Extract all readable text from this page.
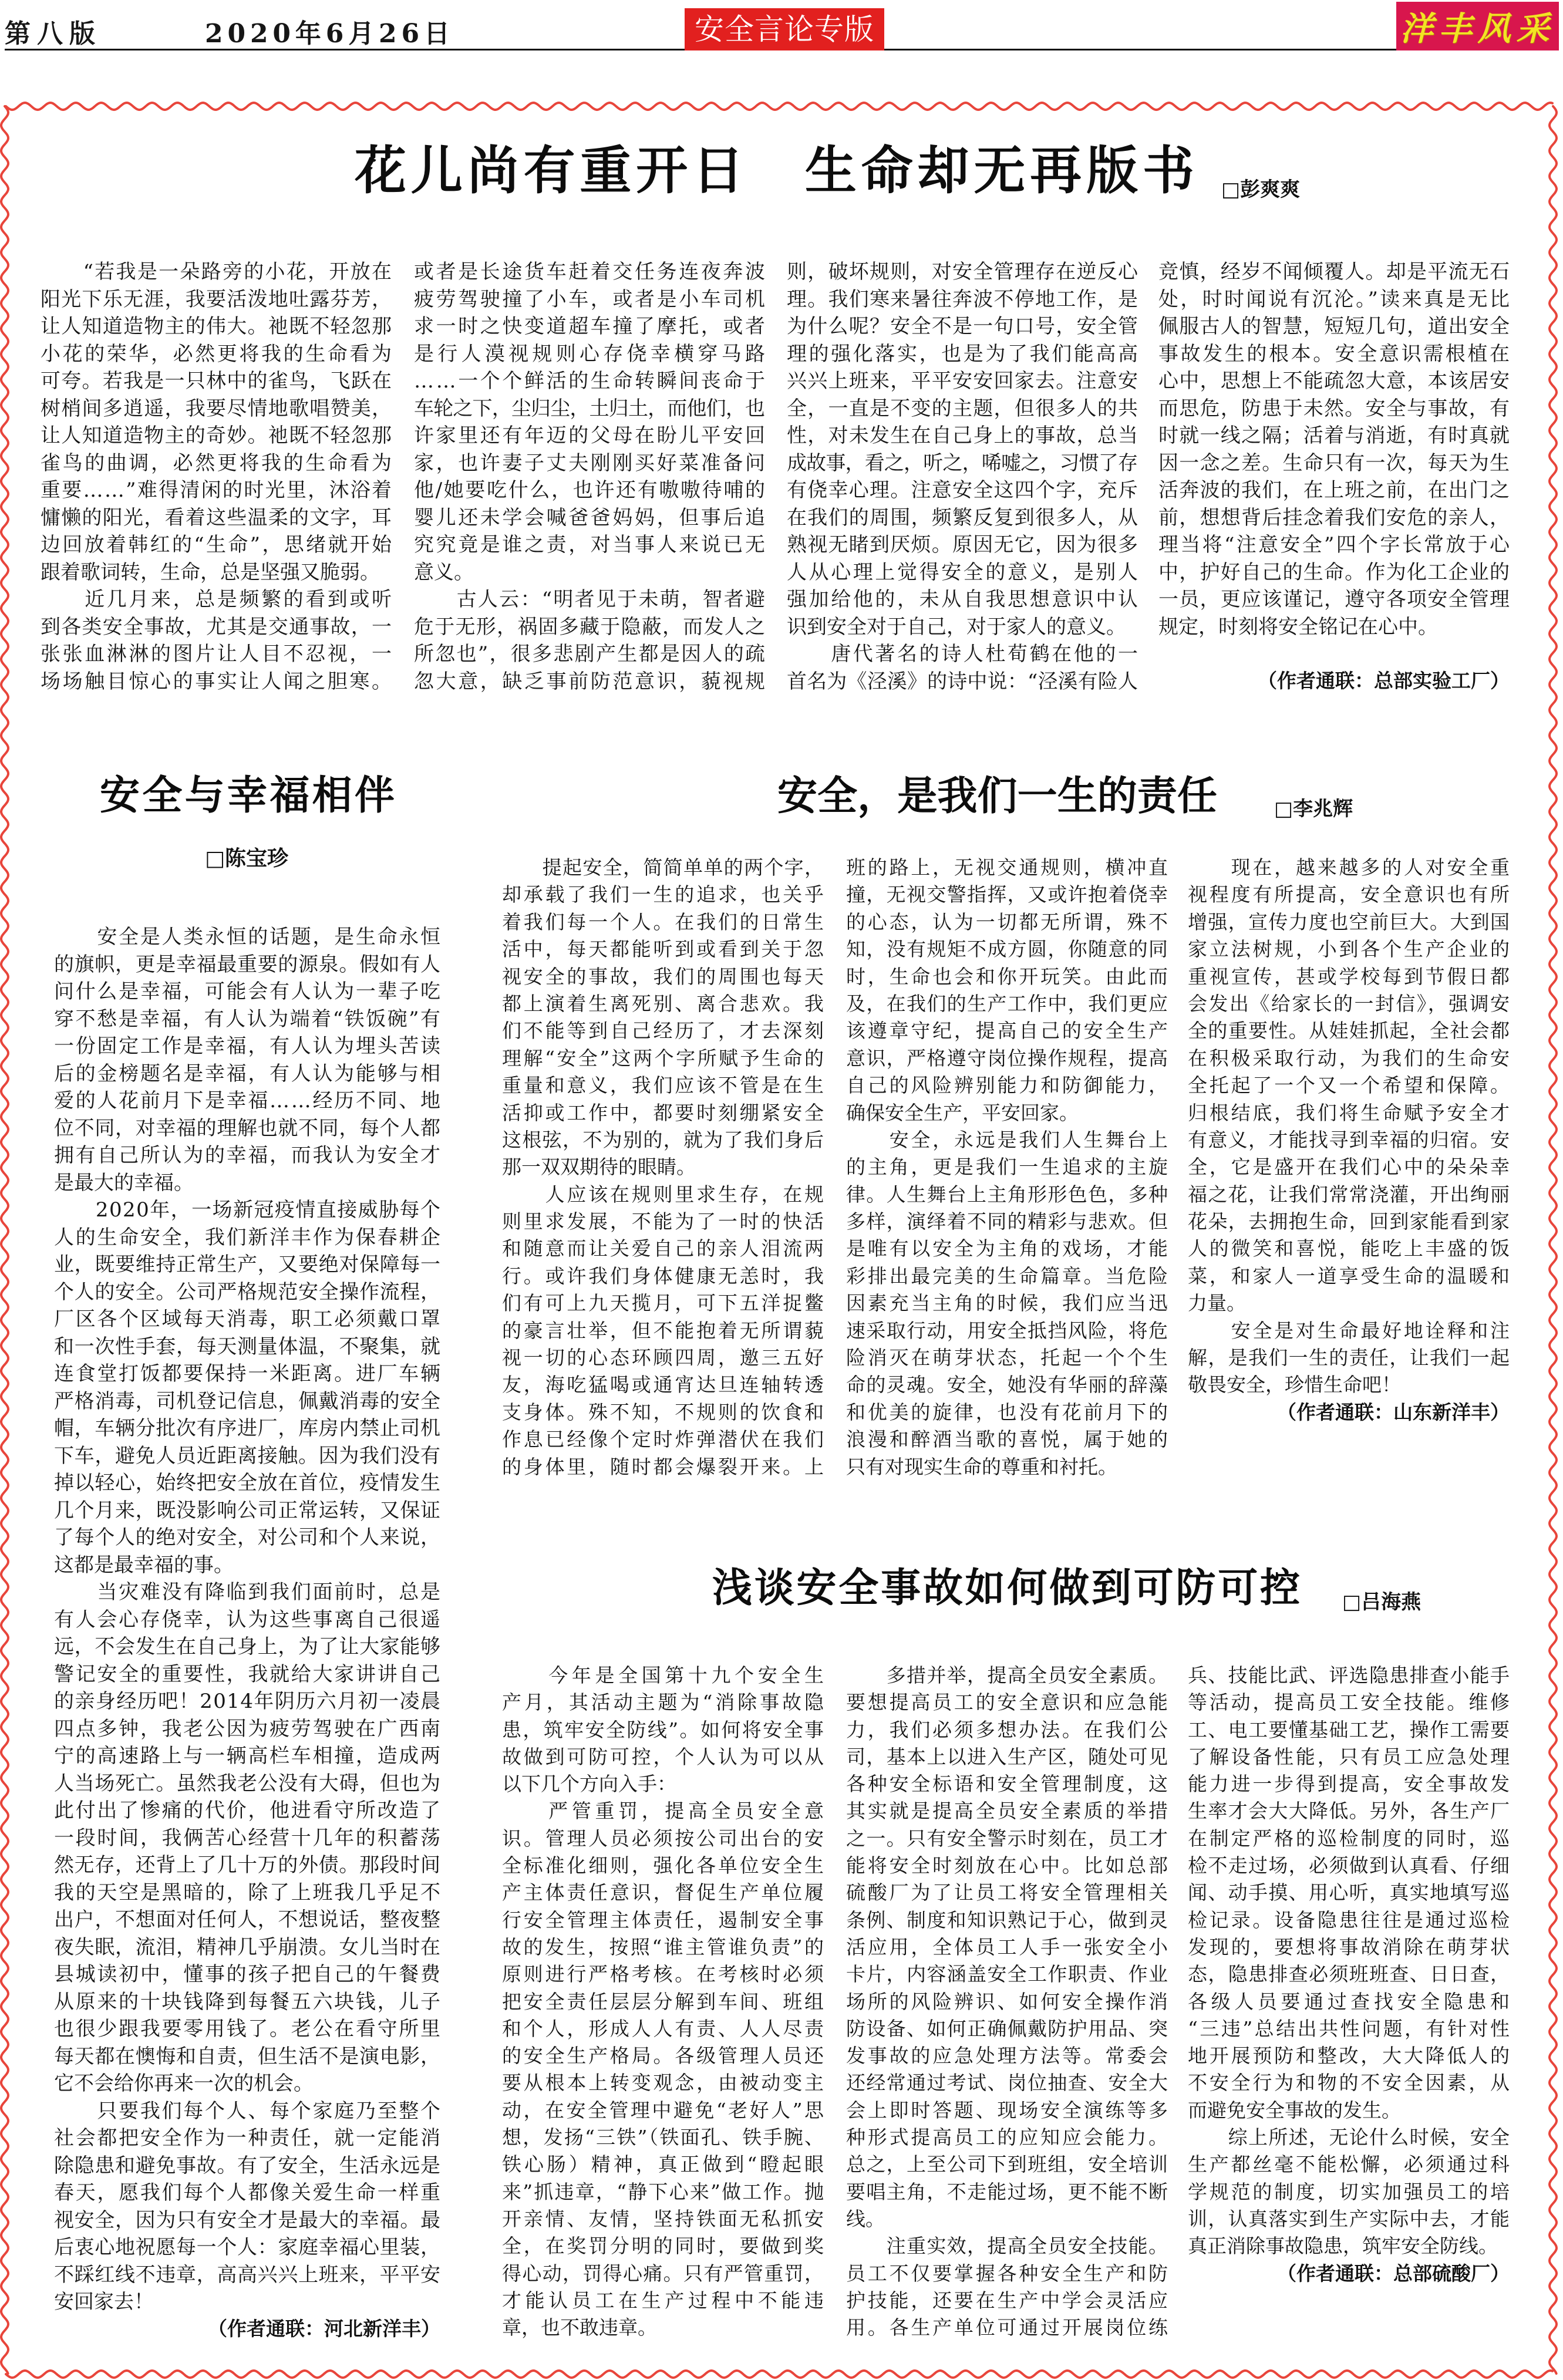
第八版	2020年6月26日	安全言论专版	洋丰风采
花儿尚有重开日　生命却无再版书 □彭爽爽
　　“若我是一朵路旁的小花，开放在
阳光下乐无涯，我要活泼地吐露芬芳，
让人知道造物主的伟大。祂既不轻忽那
小花的荣华，必然更将我的生命看为
可夸。若我是一只林中的雀鸟，飞跃在
树梢间多逍遥，我要尽情地歌唱赞美，
让人知道造物主的奇妙。祂既不轻忽那
雀鸟的曲调，必然更将我的生命看为
重要……”难得清闲的时光里，沐浴着
慵懒的阳光，看着这些温柔的文字，耳
边回放着韩红的“生命”，思绪就开始
跟着歌词转，生命，总是坚强又脆弱。
　　近几月来，总是频繁的看到或听
到各类安全事故，尤其是交通事故，一
张张血淋淋的图片让人目不忍视，一
场场触目惊心的事实让人闻之胆寒。
或者是长途货车赶着交任务连夜奔波
疲劳驾驶撞了小车，或者是小车司机
求一时之快变道超车撞了摩托，或者
是行人漠视规则心存侥幸横穿马路
……一个个鲜活的生命转瞬间丧命于
车轮之下，尘归尘，土归土，而他们，也
许家里还有年迈的父母在盼儿平安回
家，也许妻子丈夫刚刚买好菜准备问
他/她要吃什么，也许还有嗷嗷待哺的
婴儿还未学会喊爸爸妈妈，但事后追
究究竟是谁之责，对当事人来说已无
意义。
　　古人云：“明者见于未萌，智者避
危于无形，祸固多藏于隐蔽，而发人之
所忽也”，很多悲剧产生都是因人的疏
忽大意，缺乏事前防范意识，藐视规
则，破坏规则，对安全管理存在逆反心
理。我们寒来暑往奔波不停地工作，是
为什么呢？安全不是一句口号，安全管
理的强化落实，也是为了我们能高高
兴兴上班来，平平安安回家去。注意安
全，一直是不变的主题，但很多人的共
性，对未发生在自己身上的事故，总当
成故事，看之，听之，唏嘘之，习惯了存
有侥幸心理。注意安全这四个字，充斥
在我们的周围，频繁反复到很多人，从
熟视无睹到厌烦。原因无它，因为很多
人从心理上觉得安全的意义，是别人
强加给他的，未从自我思想意识中认
识到安全对于自己，对于家人的意义。
　　唐代著名的诗人杜荀鹤在他的一
首名为《泾溪》的诗中说：“泾溪有险人
竞慎，经岁不闻倾覆人。却是平流无石
处，时时闻说有沉沦。”读来真是无比
佩服古人的智慧，短短几句，道出安全
事故发生的根本。安全意识需根植在
心中，思想上不能疏忽大意，本该居安
而思危，防患于未然。安全与事故，有
时就一线之隔；活着与消逝，有时真就
因一念之差。生命只有一次，每天为生
活奔波的我们，在上班之前，在出门之
前，想想背后挂念着我们安危的亲人，
理当将“注意安全”四个字长常放于心
中，护好自己的生命。作为化工企业的
一员，更应该谨记，遵守各项安全管理
规定，时刻将安全铭记在心中。
（作者通联：总部实验工厂）
安全与幸福相伴
□陈宝珍
　　安全是人类永恒的话题，是生命永恒
的旗帜，更是幸福最重要的源泉。假如有人
问什么是幸福，可能会有人认为一辈子吃
穿不愁是幸福，有人认为端着“铁饭碗”有
一份固定工作是幸福，有人认为埋头苦读
后的金榜题名是幸福，有人认为能够与相
爱的人花前月下是幸福……经历不同、地
位不同，对幸福的理解也就不同，每个人都
拥有自己所认为的幸福，而我认为安全才
是最大的幸福。
　　2020年，一场新冠疫情直接威胁每个
人的生命安全，我们新洋丰作为保春耕企
业，既要维持正常生产，又要绝对保障每一
个人的安全。公司严格规范安全操作流程，
厂区各个区域每天消毒，职工必须戴口罩
和一次性手套，每天测量体温，不聚集，就
连食堂打饭都要保持一米距离。进厂车辆
严格消毒，司机登记信息，佩戴消毒的安全
帽，车辆分批次有序进厂，库房内禁止司机
下车，避免人员近距离接触。因为我们没有
掉以轻心，始终把安全放在首位，疫情发生
几个月来，既没影响公司正常运转，又保证
了每个人的绝对安全，对公司和个人来说，
这都是最幸福的事。
　　当灾难没有降临到我们面前时，总是
有人会心存侥幸，认为这些事离自己很遥
远，不会发生在自己身上，为了让大家能够
警记安全的重要性，我就给大家讲讲自己
的亲身经历吧！2014年阴历六月初一凌晨
四点多钟，我老公因为疲劳驾驶在广西南
宁的高速路上与一辆高栏车相撞，造成两
人当场死亡。虽然我老公没有大碍，但也为
此付出了惨痛的代价，他进看守所改造了
一段时间，我俩苦心经营十几年的积蓄荡
然无存，还背上了几十万的外债。那段时间
我的天空是黑暗的，除了上班我几乎足不
出户，不想面对任何人，不想说话，整夜整
夜失眠，流泪，精神几乎崩溃。女儿当时在
县城读初中，懂事的孩子把自己的午餐费
从原来的十块钱降到每餐五六块钱，儿子
也很少跟我要零用钱了。老公在看守所里
每天都在懊悔和自责，但生活不是演电影，
它不会给你再来一次的机会。
　　只要我们每个人、每个家庭乃至整个
社会都把安全作为一种责任，就一定能消
除隐患和避免事故。有了安全，生活永远是
春天，愿我们每个人都像关爱生命一样重
视安全，因为只有安全才是最大的幸福。最
后衷心地祝愿每一个人：家庭幸福心里装，
不踩红线不违章，高高兴兴上班来，平平安
安回家去！
（作者通联：河北新洋丰）
安全，是我们一生的责任	□李兆辉
　　提起安全，简简单单的两个字，
却承载了我们一生的追求，也关乎
着我们每一个人。在我们的日常生
活中，每天都能听到或看到关于忽
视安全的事故，我们的周围也每天
都上演着生离死别、离合悲欢。我
们不能等到自己经历了，才去深刻
理解“安全”这两个字所赋予生命的
重量和意义，我们应该不管是在生
活抑或工作中，都要时刻绷紧安全
这根弦，不为别的，就为了我们身后
那一双双期待的眼睛。
　　人应该在规则里求生存，在规
则里求发展，不能为了一时的快活
和随意而让关爱自己的亲人泪流两
行。或许我们身体健康无恙时，我
们有可上九天揽月，可下五洋捉鳖
的豪言壮举，但不能抱着无所谓藐
视一切的心态环顾四周，邀三五好
友，海吃猛喝或通宵达旦连轴转透
支身体。殊不知，不规则的饮食和
作息已经像个定时炸弹潜伏在我们
的身体里，随时都会爆裂开来。上
班的路上，无视交通规则，横冲直
撞，无视交警指挥，又或许抱着侥幸
的心态，认为一切都无所谓，殊不
知，没有规矩不成方圆，你随意的同
时，生命也会和你开玩笑。由此而
及，在我们的生产工作中，我们更应
该遵章守纪，提高自己的安全生产
意识，严格遵守岗位操作规程，提高
自己的风险辨别能力和防御能力，
确保安全生产，平安回家。
　　安全，永远是我们人生舞台上
的主角，更是我们一生追求的主旋
律。人生舞台上主角形形色色，多种
多样，演绎着不同的精彩与悲欢。但
是唯有以安全为主角的戏场，才能
彩排出最完美的生命篇章。当危险
因素充当主角的时候，我们应当迅
速采取行动，用安全抵挡风险，将危
险消灭在萌芽状态，托起一个个生
命的灵魂。安全，她没有华丽的辞藻
和优美的旋律，也没有花前月下的
浪漫和醉酒当歌的喜悦，属于她的
只有对现实生命的尊重和衬托。
　　现在，越来越多的人对安全重
视程度有所提高，安全意识也有所
增强，宣传力度也空前巨大。大到国
家立法树规，小到各个生产企业的
重视宣传，甚或学校每到节假日都
会发出《给家长的一封信》，强调安
全的重要性。从娃娃抓起，全社会都
在积极采取行动，为我们的生命安
全托起了一个又一个希望和保障。
归根结底，我们将生命赋予安全才
有意义，才能找寻到幸福的归宿。安
全，它是盛开在我们心中的朵朵幸
福之花，让我们常常浇灌，开出绚丽
花朵，去拥抱生命，回到家能看到家
人的微笑和喜悦，能吃上丰盛的饭
菜，和家人一道享受生命的温暖和
力量。
　　安全是对生命最好地诠释和注
解，是我们一生的责任，让我们一起
敬畏安全，珍惜生命吧！
（作者通联：山东新洋丰）
浅谈安全事故如何做到可防可控 □吕海燕
　　今年是全国第十九个安全生
产月，其活动主题为“消除事故隐
患，筑牢安全防线”。如何将安全事
故做到可防可控，个人认为可以从
以下几个方向入手：
　　严管重罚，提高全员安全意
识。管理人员必须按公司出台的安
全标准化细则，强化各单位安全生
产主体责任意识，督促生产单位履
行安全管理主体责任，遏制安全事
故的发生，按照“谁主管谁负责”的
原则进行严格考核。在考核时必须
把安全责任层层分解到车间、班组
和个人，形成人人有责、人人尽责
的安全生产格局。各级管理人员还
要从根本上转变观念，由被动变主
动，在安全管理中避免“老好人”思
想，发扬“三铁”（铁面孔、铁手腕、
铁心肠）精神，真正做到“瞪起眼
来”抓违章，“静下心来”做工作。抛
开亲情、友情，坚持铁面无私抓安
全，在奖罚分明的同时，要做到奖
得心动，罚得心痛。只有严管重罚，
才能认员工在生产过程中不能违
章，也不敢违章。
　　多措并举，提高全员安全素质。
要想提高员工的安全意识和应急能
力，我们必须多想办法。在我们公
司，基本上以进入生产区，随处可见
各种安全标语和安全管理制度，这
其实就是提高全员安全素质的举措
之一。只有安全警示时刻在，员工才
能将安全时刻放在心中。比如总部
硫酸厂为了让员工将安全管理相关
条例、制度和知识熟记于心，做到灵
活应用，全体员工人手一张安全小
卡片，内容涵盖安全工作职责、作业
场所的风险辨识、如何安全操作消
防设备、如何正确佩戴防护用品、突
发事故的应急处理方法等。常委会
还经常通过考试、岗位抽查、安全大
会上即时答题、现场安全演练等多
种形式提高员工的应知应会能力。
总之，上至公司下到班组，安全培训
要唱主角，不走能过场，更不能不断
线。
　　注重实效，提高全员安全技能。
员工不仅要掌握各种安全生产和防
护技能，还要在生产中学会灵活应
用。各生产单位可通过开展岗位练
兵、技能比武、评选隐患排查小能手
等活动，提高员工安全技能。维修
工、电工要懂基础工艺，操作工需要
了解设备性能，只有员工应急处理
能力进一步得到提高，安全事故发
生率才会大大降低。另外，各生产厂
在制定严格的巡检制度的同时，巡
检不走过场，必须做到认真看、仔细
闻、动手摸、用心听，真实地填写巡
检记录。设备隐患往往是通过巡检
发现的，要想将事故消除在萌芽状
态，隐患排查必须班班查、日日查，
各级人员要通过查找安全隐患和
“三违”总结出共性问题，有针对性
地开展预防和整改，大大降低人的
不安全行为和物的不安全因素，从
而避免安全事故的发生。
　　综上所述，无论什么时候，安全
生产都丝毫不能松懈，必须通过科
学规范的制度，切实加强员工的培
训，认真落实到生产实际中去，才能
真正消除事故隐患，筑牢安全防线。
（作者通联：总部硫酸厂）
